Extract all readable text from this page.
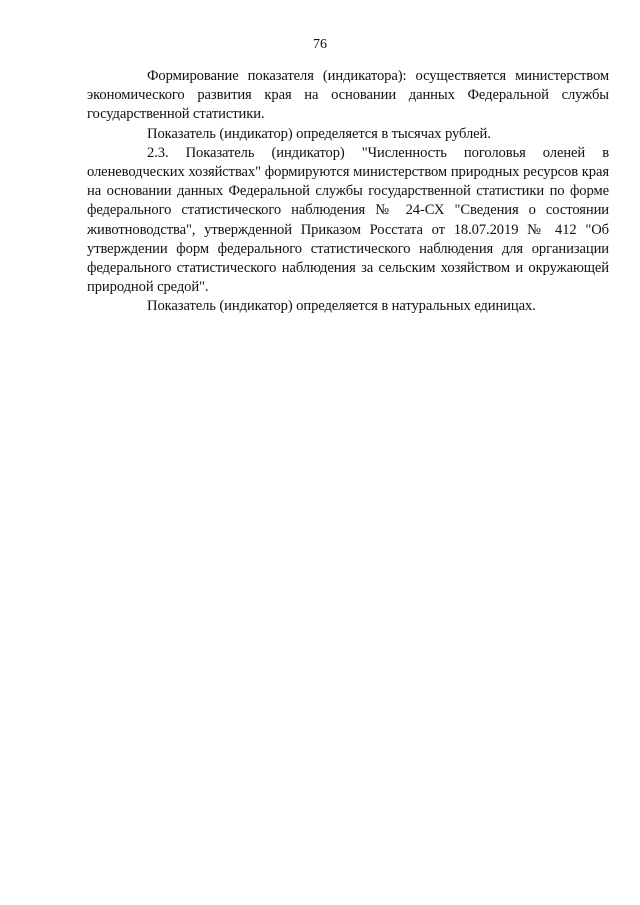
76

Формирование показателя (индикатора): осуществяется министерством экономического развития края на основании данных Федеральной службы государственной статистики.

Показатель (индикатор) определяется в тысячах рублей.

2.3. Показатель (индикатор) "Численность поголовья оленей в оленеводческих хозяйствах" формируются министерством природных ресурсов края на основании данных Федеральной службы государственной статистики по форме федерального статистического наблюдения № 24-СХ "Сведения о состоянии животноводства", утвержденной Приказом Росстата от 18.07.2019 № 412 "Об утверждении форм федерального статистического наблюдения для организации федерального статистического наблюдения за сельским хозяйством и окружающей природной средой".

Показатель (индикатор) определяется в натуральных единицах.
